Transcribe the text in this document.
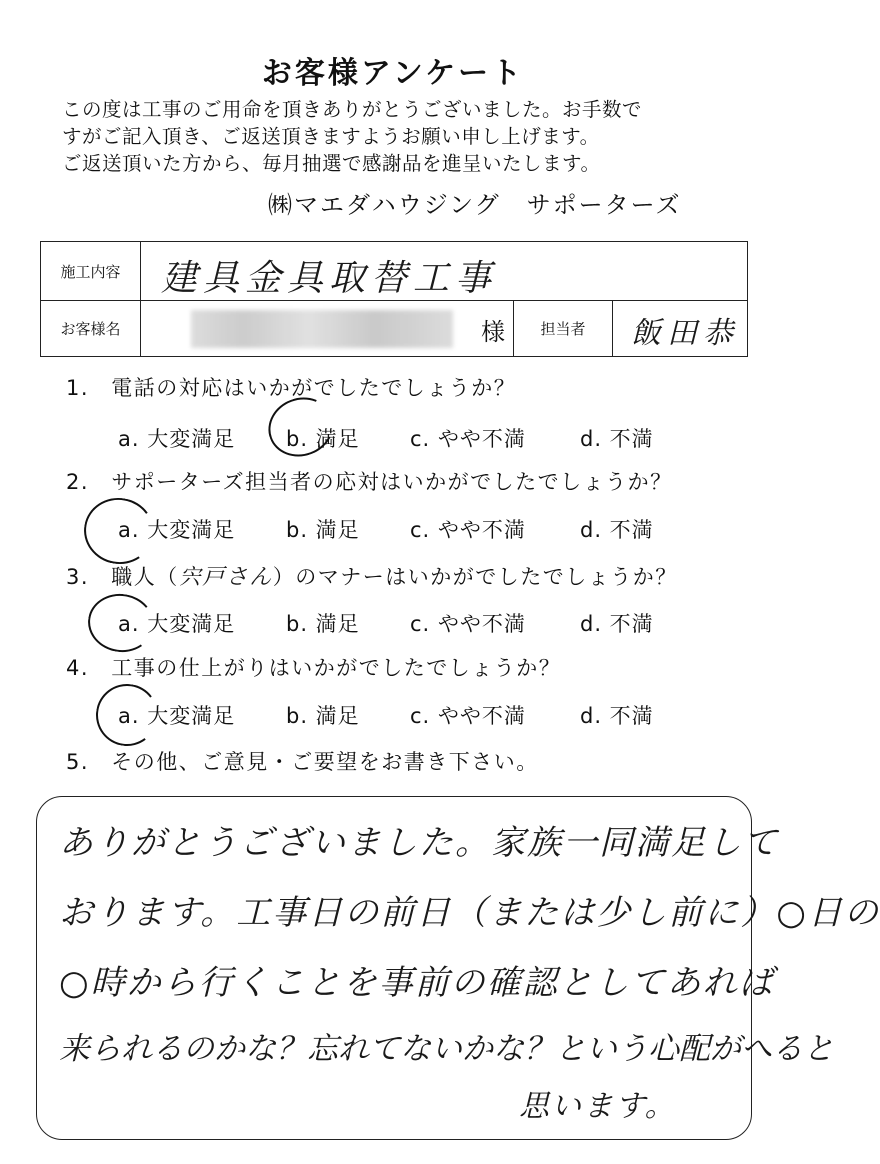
お客様アンケート
この度は工事のご用命を頂きありがとうございました。お手数で
すがご記入頂き、ご返送頂きますようお願い申し上げます。
ご返送頂いた方から、毎月抽選で感謝品を進呈いたします。
㈱マエダハウジング　サポーターズ
施工内容	建具金具取替工事
お客様名	様	担当者	飯田恭
1. 電話の対応はいかがでしたでしょうか？
a. 大変満足 b. 満足 c. やや不満	d. 不満
2. サポーターズ担当者の応対はいかがでしたでしょうか？
a. 大変満足 b. 満足 c. やや不満	d. 不満
3. 職人（宍戸さん）のマナーはいかがでしたでしょうか？
a. 大変満足 b. 満足 c. やや不満	d. 不満
4. 工事の仕上がりはいかがでしたでしょうか？
a. 大変満足 b. 満足 c. やや不満	d. 不満
5. その他、ご意見・ご要望をお書き下さい。
ありがとうございました。家族一同満足して
おります。工事日の前日（または少し前に）○日の
○時から行くことを事前の確認としてあれば
来られるのかな？忘れてないかな？という心配がへると
思います。
